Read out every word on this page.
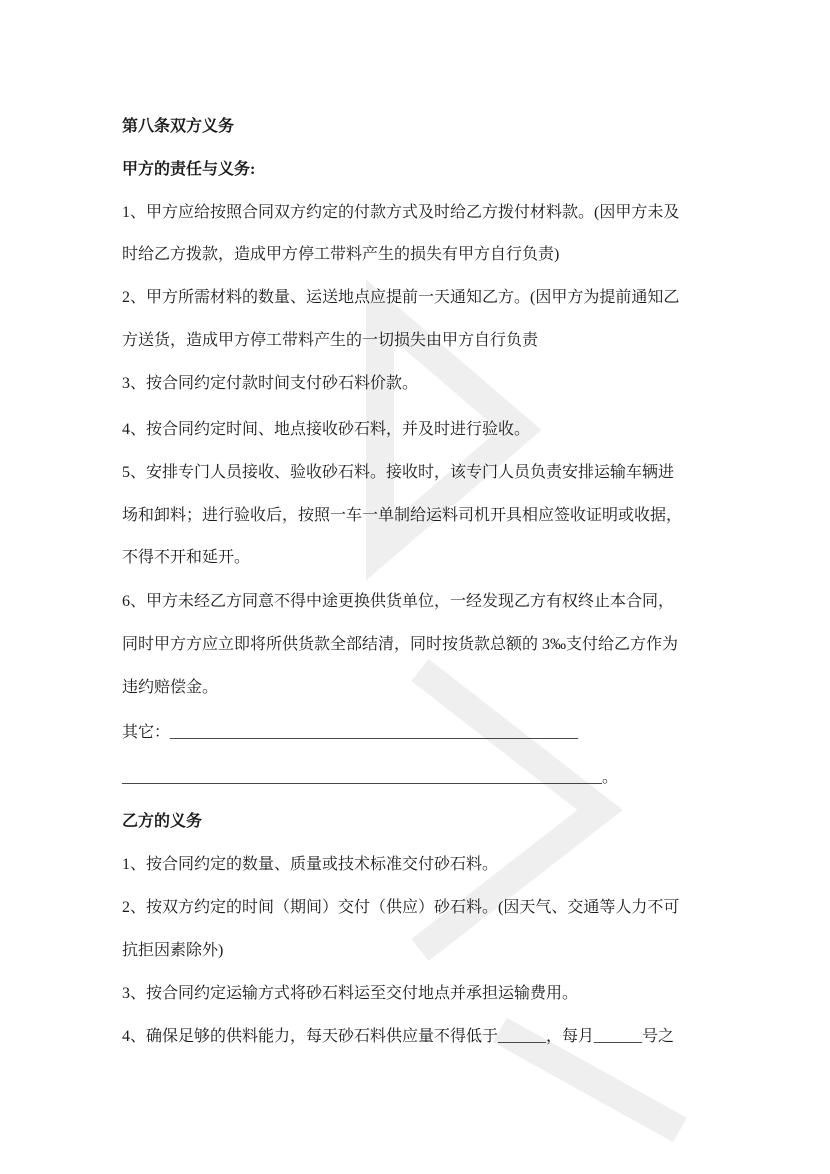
第八条双方义务
甲方的责任与义务:
1、甲方应给按照合同双方约定的付款方式及时给乙方拨付材料款。(因甲方未及
时给乙方拨款，造成甲方停工带料产生的损失有甲方自行负责)
2、甲方所需材料的数量、运送地点应提前一天通知乙方。(因甲方为提前通知乙
方送货，造成甲方停工带料产生的一切损失由甲方自行负责
3、按合同约定付款时间支付砂石料价款。
4、按合同约定时间、地点接收砂石料，并及时进行验收。
5、安排专门人员接收、验收砂石料。接收时，该专门人员负责安排运输车辆进
场和卸料；进行验收后，按照一车一单制给运料司机开具相应签收证明或收据，
不得不开和延开。
6、甲方未经乙方同意不得中途更换供货单位，一经发现乙方有权终止本合同，
同时甲方方应立即将所供货款全部结清，同时按货款总额的 3‰支付给乙方作为
违约赔偿金。
其它：___________________________________________________
____________________________________________________________。
乙方的义务
1、按合同约定的数量、质量或技术标准交付砂石料。
2、按双方约定的时间（期间）交付（供应）砂石料。(因天气、交通等人力不可
抗拒因素除外)
3、按合同约定运输方式将砂石料运至交付地点并承担运输费用。
4、确保足够的供料能力，每天砂石料供应量不得低于______，每月______号之
